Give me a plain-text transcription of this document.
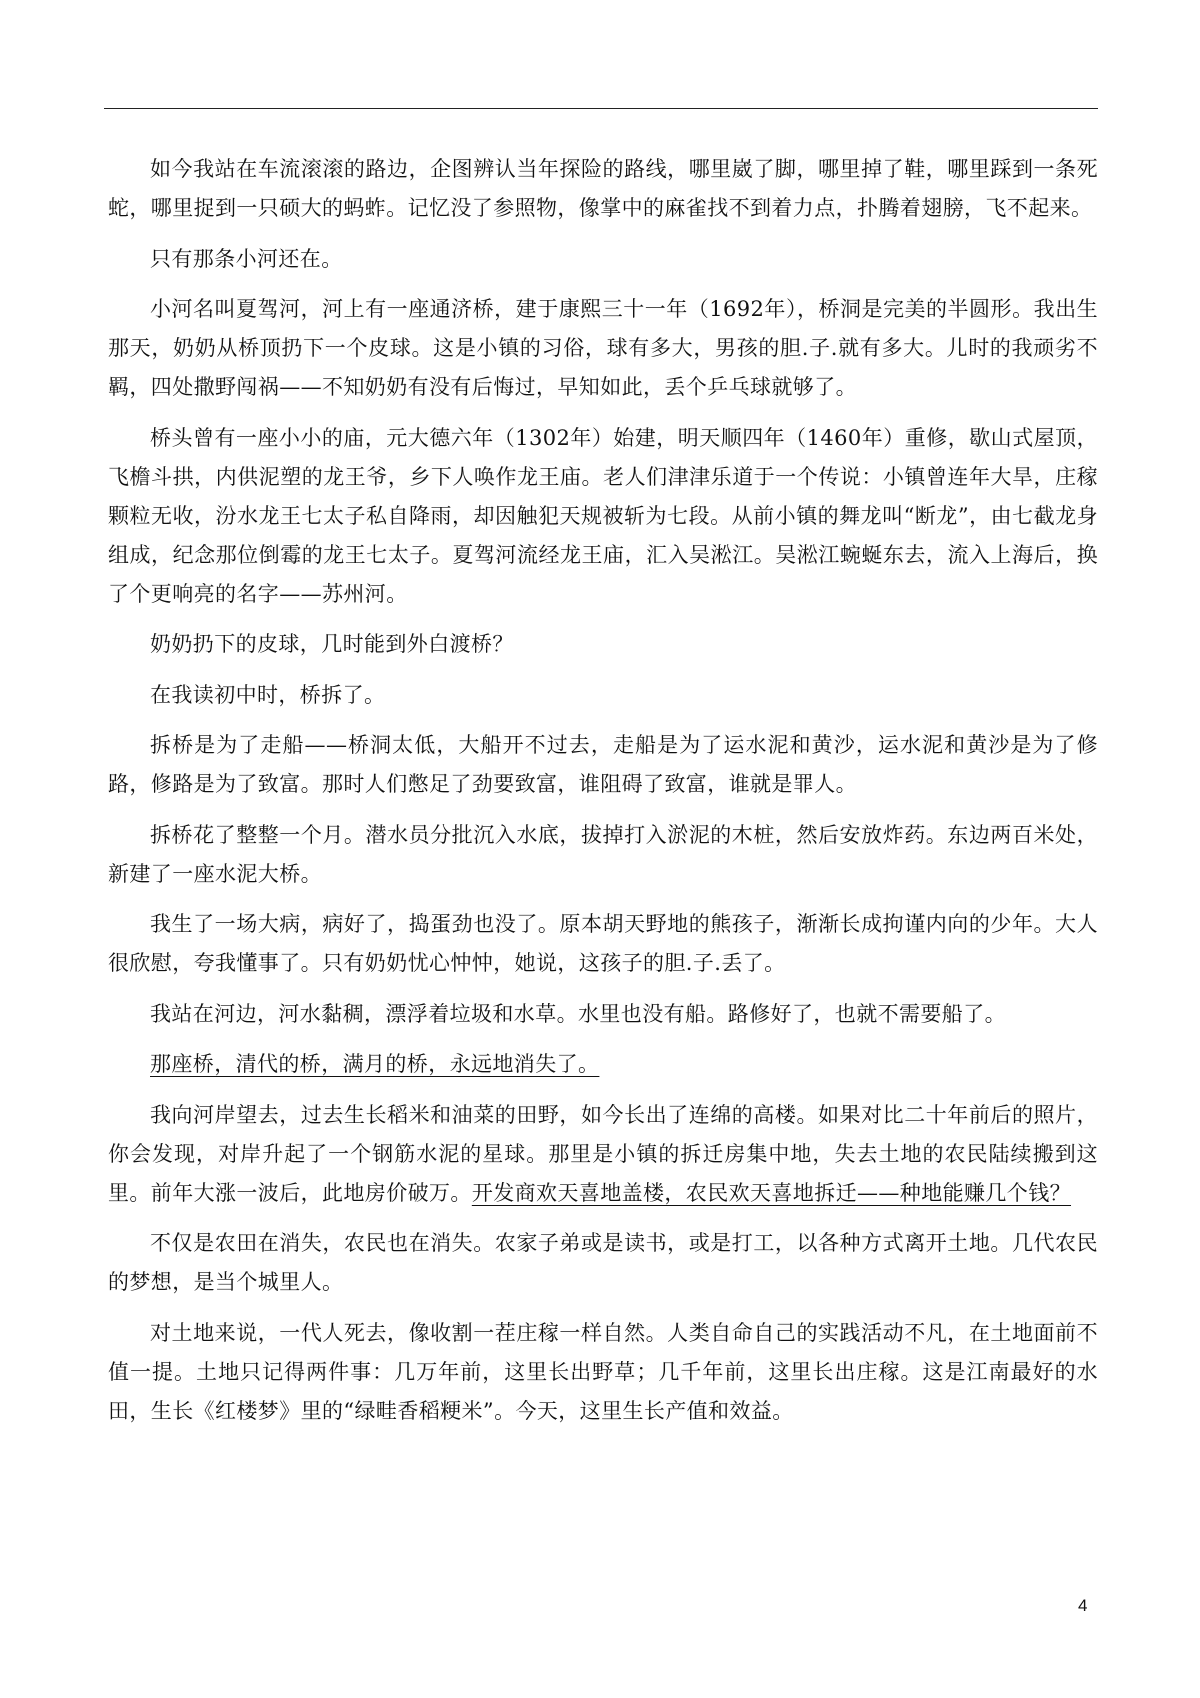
如今我站在车流滚滚的路边，企图辨认当年探险的路线，哪里崴了脚，哪里掉了鞋，哪里踩到一条死蛇，哪里捉到一只硕大的蚂蚱。记忆没了参照物，像掌中的麻雀找不到着力点，扑腾着翅膀，飞不起来。

只有那条小河还在。

小河名叫夏驾河，河上有一座通济桥，建于康熙三十一年（1692年），桥洞是完美的半圆形。我出生那天，奶奶从桥顶扔下一个皮球。这是小镇的习俗，球有多大，男孩的胆.子.就有多大。儿时的我顽劣不羁，四处撒野闯祸——不知奶奶有没有后悔过，早知如此，丢个乒乓球就够了。

桥头曾有一座小小的庙，元大德六年（1302年）始建，明天顺四年（1460年）重修，歇山式屋顶，飞檐斗拱，内供泥塑的龙王爷，乡下人唤作龙王庙。老人们津津乐道于一个传说：小镇曾连年大旱，庄稼颗粒无收，汾水龙王七太子私自降雨，却因触犯天规被斩为七段。从前小镇的舞龙叫“断龙”，由七截龙身组成，纪念那位倒霉的龙王七太子。夏驾河流经龙王庙，汇入吴淞江。吴淞江蜿蜒东去，流入上海后，换了个更响亮的名字——苏州河。

奶奶扔下的皮球，几时能到外白渡桥？

在我读初中时，桥拆了。

拆桥是为了走船——桥洞太低，大船开不过去，走船是为了运水泥和黄沙，运水泥和黄沙是为了修路，修路是为了致富。那时人们憋足了劲要致富，谁阻碍了致富，谁就是罪人。

拆桥花了整整一个月。潜水员分批沉入水底，拔掉打入淤泥的木桩，然后安放炸药。东边两百米处，新建了一座水泥大桥。

我生了一场大病，病好了，捣蛋劲也没了。原本胡天野地的熊孩子，渐渐长成拘谨内向的少年。大人很欣慰，夸我懂事了。只有奶奶忧心忡忡，她说，这孩子的胆.子.丢了。

我站在河边，河水黏稠，漂浮着垃圾和水草。水里也没有船。路修好了，也就不需要船了。

那座桥，清代的桥，满月的桥，永远地消失了。

我向河岸望去，过去生长稻米和油菜的田野，如今长出了连绵的高楼。如果对比二十年前后的照片，你会发现，对岸升起了一个钢筋水泥的星球。那里是小镇的拆迁房集中地，失去土地的农民陆续搬到这里。前年大涨一波后，此地房价破万。开发商欢天喜地盖楼，农民欢天喜地拆迁——种地能赚几个钱？

不仅是农田在消失，农民也在消失。农家子弟或是读书，或是打工，以各种方式离开土地。几代农民的梦想，是当个城里人。

对土地来说，一代人死去，像收割一茬庄稼一样自然。人类自命自己的实践活动不凡，在土地面前不值一提。土地只记得两件事：几万年前，这里长出野草；几千年前，这里长出庄稼。这是江南最好的水田，生长《红楼梦》里的“绿畦香稻粳米”。今天，这里生长产值和效益。

4
